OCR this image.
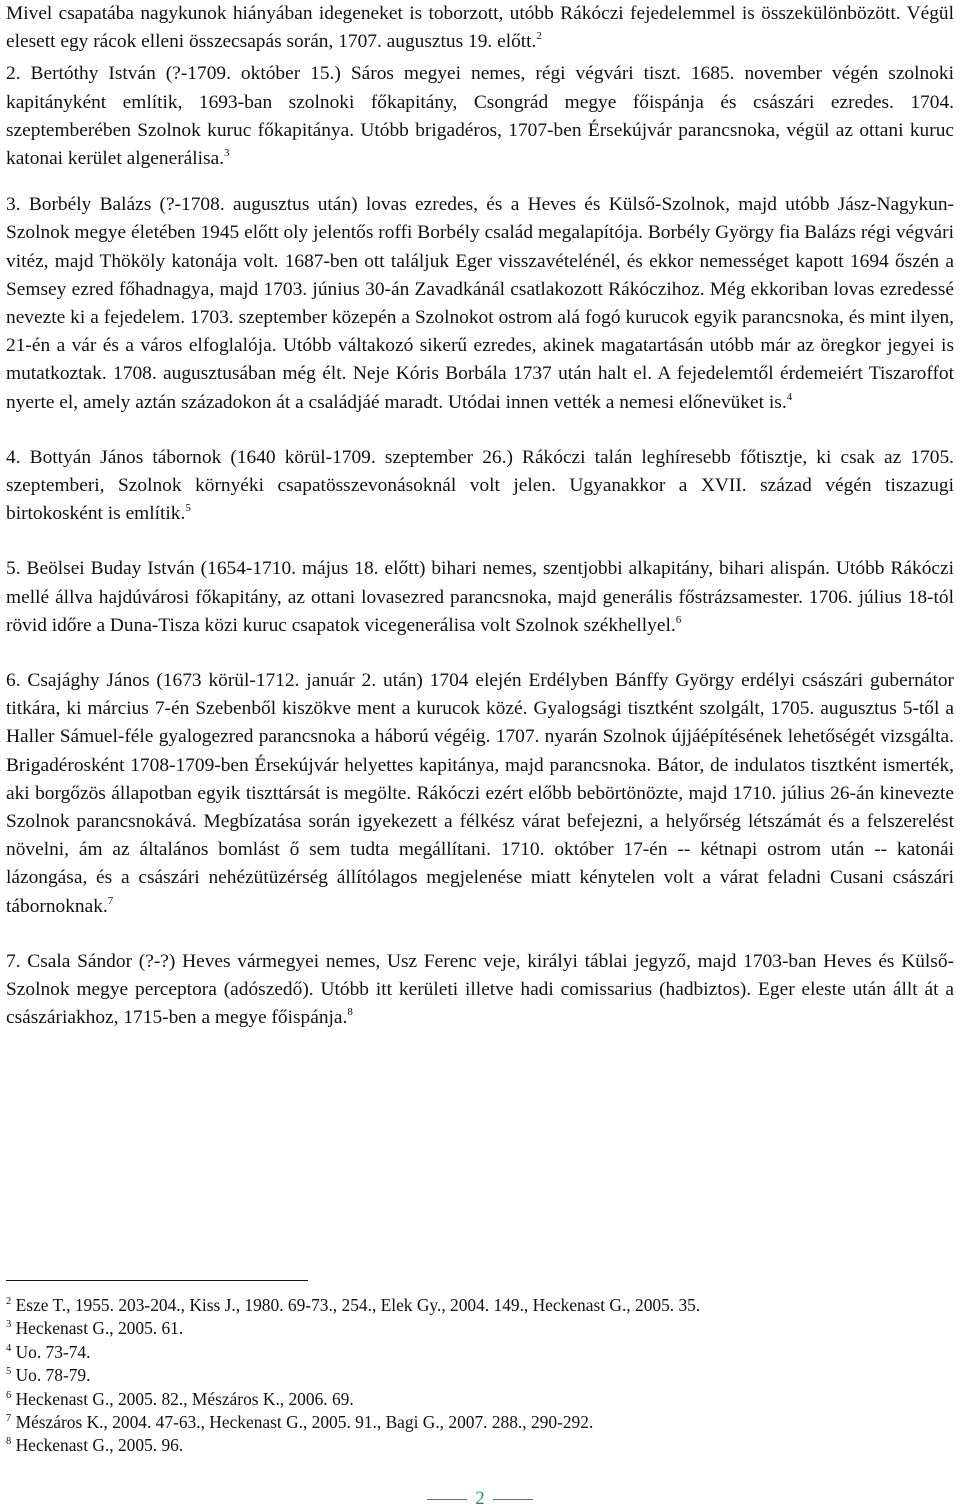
Mivel csapatába nagykunok hiányában idegeneket is toborzott, utóbb Rákóczi fejedelemmel is összekülönbözött. Végül elesett egy rácok elleni összecsapás során, 1707. augusztus 19. előtt.$^2$

2. Bertóthy István (?-1709. október 15.) Sáros megyei nemes, régi végvári tiszt. 1685. november végén szolnoki kapitányként említik, 1693-ban szolnoki főkapitány, Csongrád megye főispánja és császári ezredes. 1704. szeptemberében Szolnok kuruc főkapitánya. Utóbb brigadéros, 1707-ben Érsekújvár parancsnoka, végül az ottani kuruc katonai kerület algenerálisa.$^3$

3. Borbély Balázs (?-1708. augusztus után) lovas ezredes, és a Heves és Külső-Szolnok, majd utóbb Jász-Nagykun-Szolnok megye életében 1945 előtt oly jelentős roffi Borbély család megalapítója. Borbély György fia Balázs régi végvári vitéz, majd Thököly katonája volt. 1687-ben ott találjuk Eger visszavételénél, és ekkor nemességet kapott 1694 őszén a Semsey ezred főhadnagya, majd 1703. június 30-án Zavadkánál csatlakozott Rákóczihoz. Még ekkoriban lovas ezredessé nevezte ki a fejedelem. 1703. szeptember közepén a Szolnokot ostrom alá fogó kurucok egyik parancsnoka, és mint ilyen, 21-én a vár és a város elfoglalója. Utóbb váltakozó sikerű ezredes, akinek magatartásán utóbb már az öregkor jegyei is mutatkoztak. 1708. augusztusában még élt. Neje Kóris Borbála 1737 után halt el. A fejedelemtől érdemeiért Tiszaroffot nyerte el, amely aztán századokon át a családjáé maradt. Utódai innen vették a nemesi előnevüket is.$^4$

4. Bottyán János tábornok (1640 körül-1709. szeptember 26.) Rákóczi talán leghíresebb főtisztje, ki csak az 1705. szeptemberi, Szolnok környéki csapatösszevonásoknál volt jelen. Ugyanakkor a XVII. század végén tiszazugi birtokosként is említik.$^5$

5. Beölsei Buday István (1654-1710. május 18. előtt) bihari nemes, szentjobbi alkapitány, bihari alispán. Utóbb Rákóczi mellé állva hajdúvárosi főkapitány, az ottani lovasezred parancsnoka, majd generális főstrázsamester. 1706. július 18-tól rövid időre a Duna-Tisza közi kuruc csapatok vicegenerálisa volt Szolnok székhellyel.$^6$

6. Csajághy János (1673 körül-1712. január 2. után) 1704 elején Erdélyben Bánffy György erdélyi császári gubernátor titkára, ki március 7-én Szebenből kiszökve ment a kurucok közé. Gyalogsági tisztként szolgált, 1705. augusztus 5-től a Haller Sámuel-féle gyalogezred parancsnoka a háború végéig. 1707. nyarán Szolnok újjáépítésének lehetőségét vizsgálta. Brigadérosként 1708-1709-ben Érsekújvár helyettes kapitánya, majd parancsnoka. Bátor, de indulatos tisztként ismerték, aki borgőzös állapotban egyik tiszttársát is megölte. Rákóczi ezért előbb bebörtönözte, majd 1710. július 26-án kinevezte Szolnok parancsnokává. Megbízatása során igyekezett a félkész várat befejezni, a helyőrség létszámát és a felszerelést növelni, ám az általános bomlást ő sem tudta megállítani. 1710. október 17-én -- kétnapi ostrom után -- katonái lázongása, és a császári nehézütüzérség állítólagos megjelenése miatt kénytelen volt a várat feladni Cusani császári tábornoknak.$^7$

7. Csala Sándor (?-?) Heves vármegyei nemes, Usz Ferenc veje, királyi táblai jegyző, majd 1703-ban Heves és Külső-Szolnok megye perceptora (adószedő). Utóbb itt kerületi illetve hadi comissarius (hadbiztos). Eger eleste után állt át a császáriakhoz, 1715-ben a megye főispánja.$^8$

$^2$ Esze T., 1955. 203-204., Kiss J., 1980. 69-73., 254., Elek Gy., 2004. 149., Heckenast G., 2005. 35.

$^3$ Heckenast G., 2005. 61.

$^4$ Uo. 73-74.

$^5$ Uo. 78-79.

$^6$ Heckenast G., 2005. 82., Mészáros K., 2006. 69.

$^7$ Mészáros K., 2004. 47-63., Heckenast G., 2005. 91., Bagi G., 2007. 288., 290-292.

$^8$ Heckenast G., 2005. 96.

2
